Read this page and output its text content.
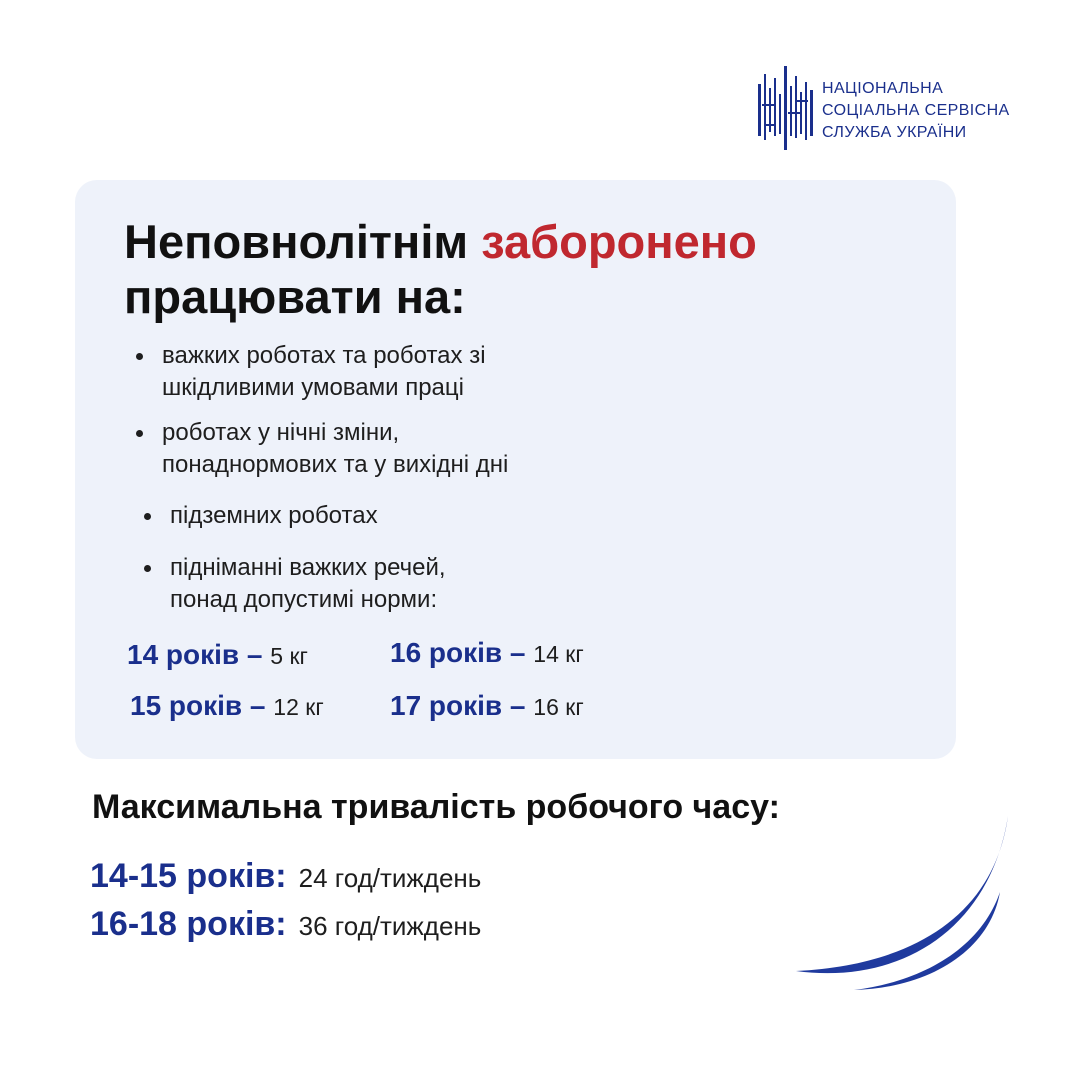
НАЦІОНАЛЬНА
СОЦІАЛЬНА СЕРВІСНА
СЛУЖБА УКРАЇНИ
Неповнолітнім заборонено
працювати на:
важких роботах та роботах зі
шкідливими умовами праці
роботах у нічні зміни,
понаднормових та у вихідні дні
підземних роботах
підніманні важких речей,
понад допустимі норми:
14 років – 5 кг	16 років – 14 кг
15 років – 12 кг 17 років – 16 кг
Максимальна тривалість робочого часу:
14-15 років: 24 год/тиждень
16-18 років: 36 год/тиждень
